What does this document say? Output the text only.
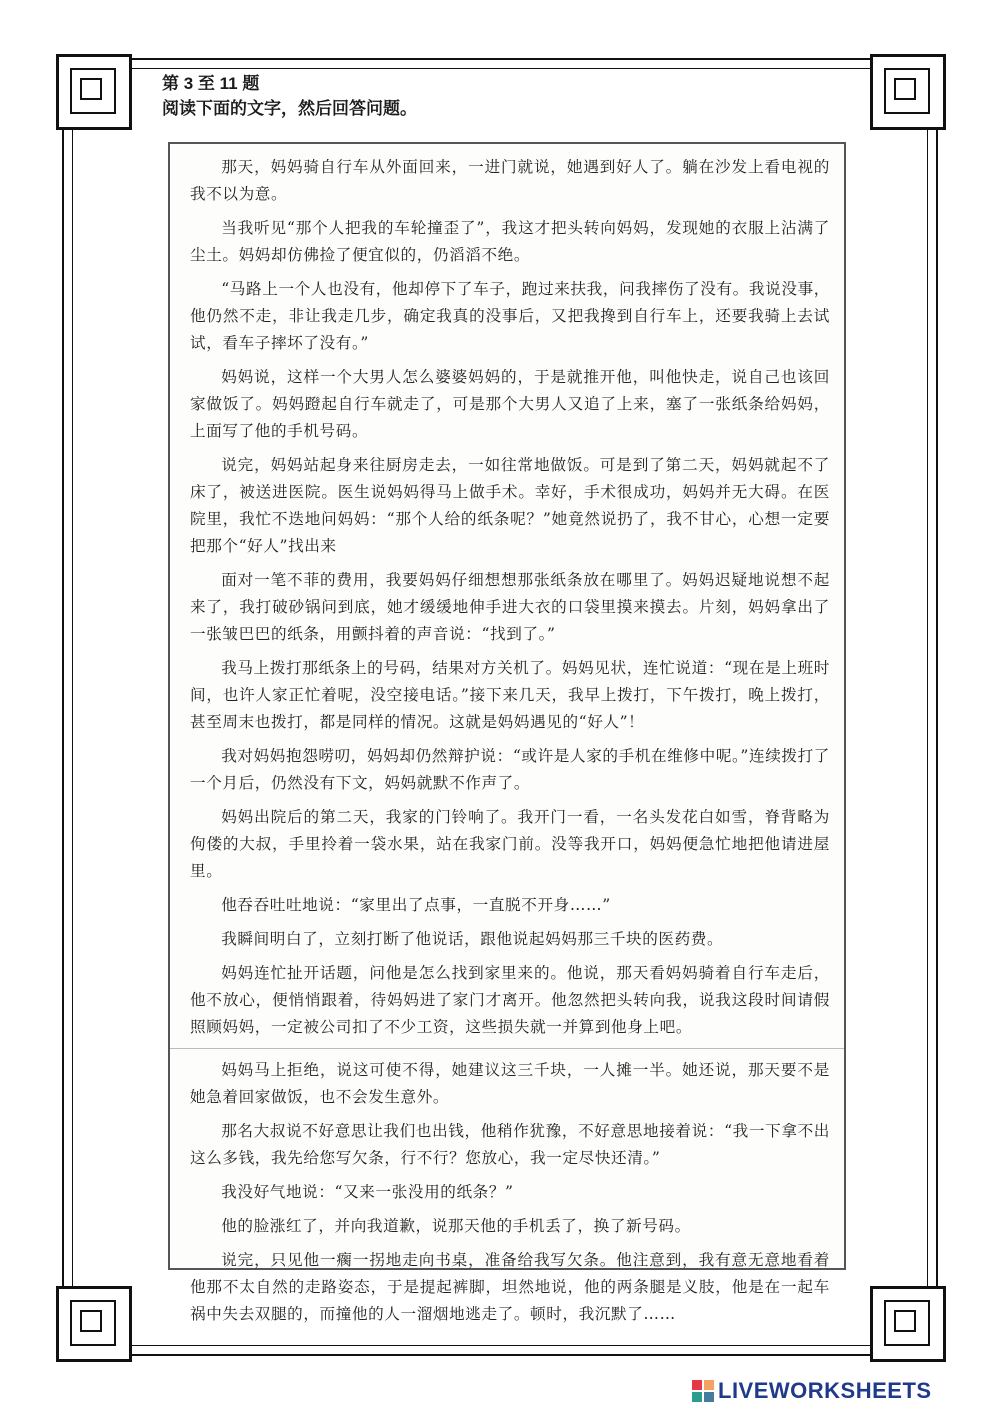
第 3 至 11 题
阅读下面的文字，然后回答问题。

那天，妈妈骑自行车从外面回来，一进门就说，她遇到好人了。躺在沙发上看电视的我不以为意。

当我听见“那个人把我的车轮撞歪了”，我这才把头转向妈妈，发现她的衣服上沾满了尘土。妈妈却仿佛捡了便宜似的，仍滔滔不绝。

“马路上一个人也没有，他却停下了车子，跑过来扶我，问我摔伤了没有。我说没事，他仍然不走，非让我走几步，确定我真的没事后，又把我搀到自行车上，还要我骑上去试试，看车子摔坏了没有。”

妈妈说，这样一个大男人怎么婆婆妈妈的，于是就推开他，叫他快走，说自己也该回家做饭了。妈妈蹬起自行车就走了，可是那个大男人又追了上来，塞了一张纸条给妈妈，上面写了他的手机号码。

说完，妈妈站起身来往厨房走去，一如往常地做饭。可是到了第二天，妈妈就起不了床了，被送进医院。医生说妈妈得马上做手术。幸好，手术很成功，妈妈并无大碍。在医院里，我忙不迭地问妈妈：“那个人给的纸条呢？”她竟然说扔了，我不甘心，心想一定要把那个“好人”找出来

面对一笔不菲的费用，我要妈妈仔细想想那张纸条放在哪里了。妈妈迟疑地说想不起来了，我打破砂锅问到底，她才缓缓地伸手进大衣的口袋里摸来摸去。片刻，妈妈拿出了一张皱巴巴的纸条，用颤抖着的声音说：“找到了。”

我马上拨打那纸条上的号码，结果对方关机了。妈妈见状，连忙说道：“现在是上班时间，也许人家正忙着呢，没空接电话。”接下来几天，我早上拨打，下午拨打，晚上拨打，甚至周末也拨打，都是同样的情况。这就是妈妈遇见的“好人”！

我对妈妈抱怨唠叨，妈妈却仍然辩护说：“或许是人家的手机在维修中呢。”连续拨打了一个月后，仍然没有下文，妈妈就默不作声了。

妈妈出院后的第二天，我家的门铃响了。我开门一看，一名头发花白如雪，脊背略为佝偻的大叔，手里拎着一袋水果，站在我家门前。没等我开口，妈妈便急忙地把他请进屋里。

他吞吞吐吐地说：“家里出了点事，一直脱不开身……”

我瞬间明白了，立刻打断了他说话，跟他说起妈妈那三千块的医药费。

妈妈连忙扯开话题，问他是怎么找到家里来的。他说，那天看妈妈骑着自行车走后，他不放心，便悄悄跟着，待妈妈进了家门才离开。他忽然把头转向我，说我这段时间请假照顾妈妈，一定被公司扣了不少工资，这些损失就一并算到他身上吧。

妈妈马上拒绝，说这可使不得，她建议这三千块，一人摊一半。她还说，那天要不是她急着回家做饭，也不会发生意外。

那名大叔说不好意思让我们也出钱，他稍作犹豫，不好意思地接着说：“我一下拿不出这么多钱，我先给您写欠条，行不行？您放心，我一定尽快还清。”

我没好气地说：“又来一张没用的纸条？”

他的脸涨红了，并向我道歉，说那天他的手机丢了，换了新号码。

说完，只见他一瘸一拐地走向书桌，准备给我写欠条。他注意到，我有意无意地看着他那不太自然的走路姿态，于是提起裤脚，坦然地说，他的两条腿是义肢，他是在一起车祸中失去双腿的，而撞他的人一溜烟地逃走了。顿时，我沉默了……

LIVEWORKSHEETS
